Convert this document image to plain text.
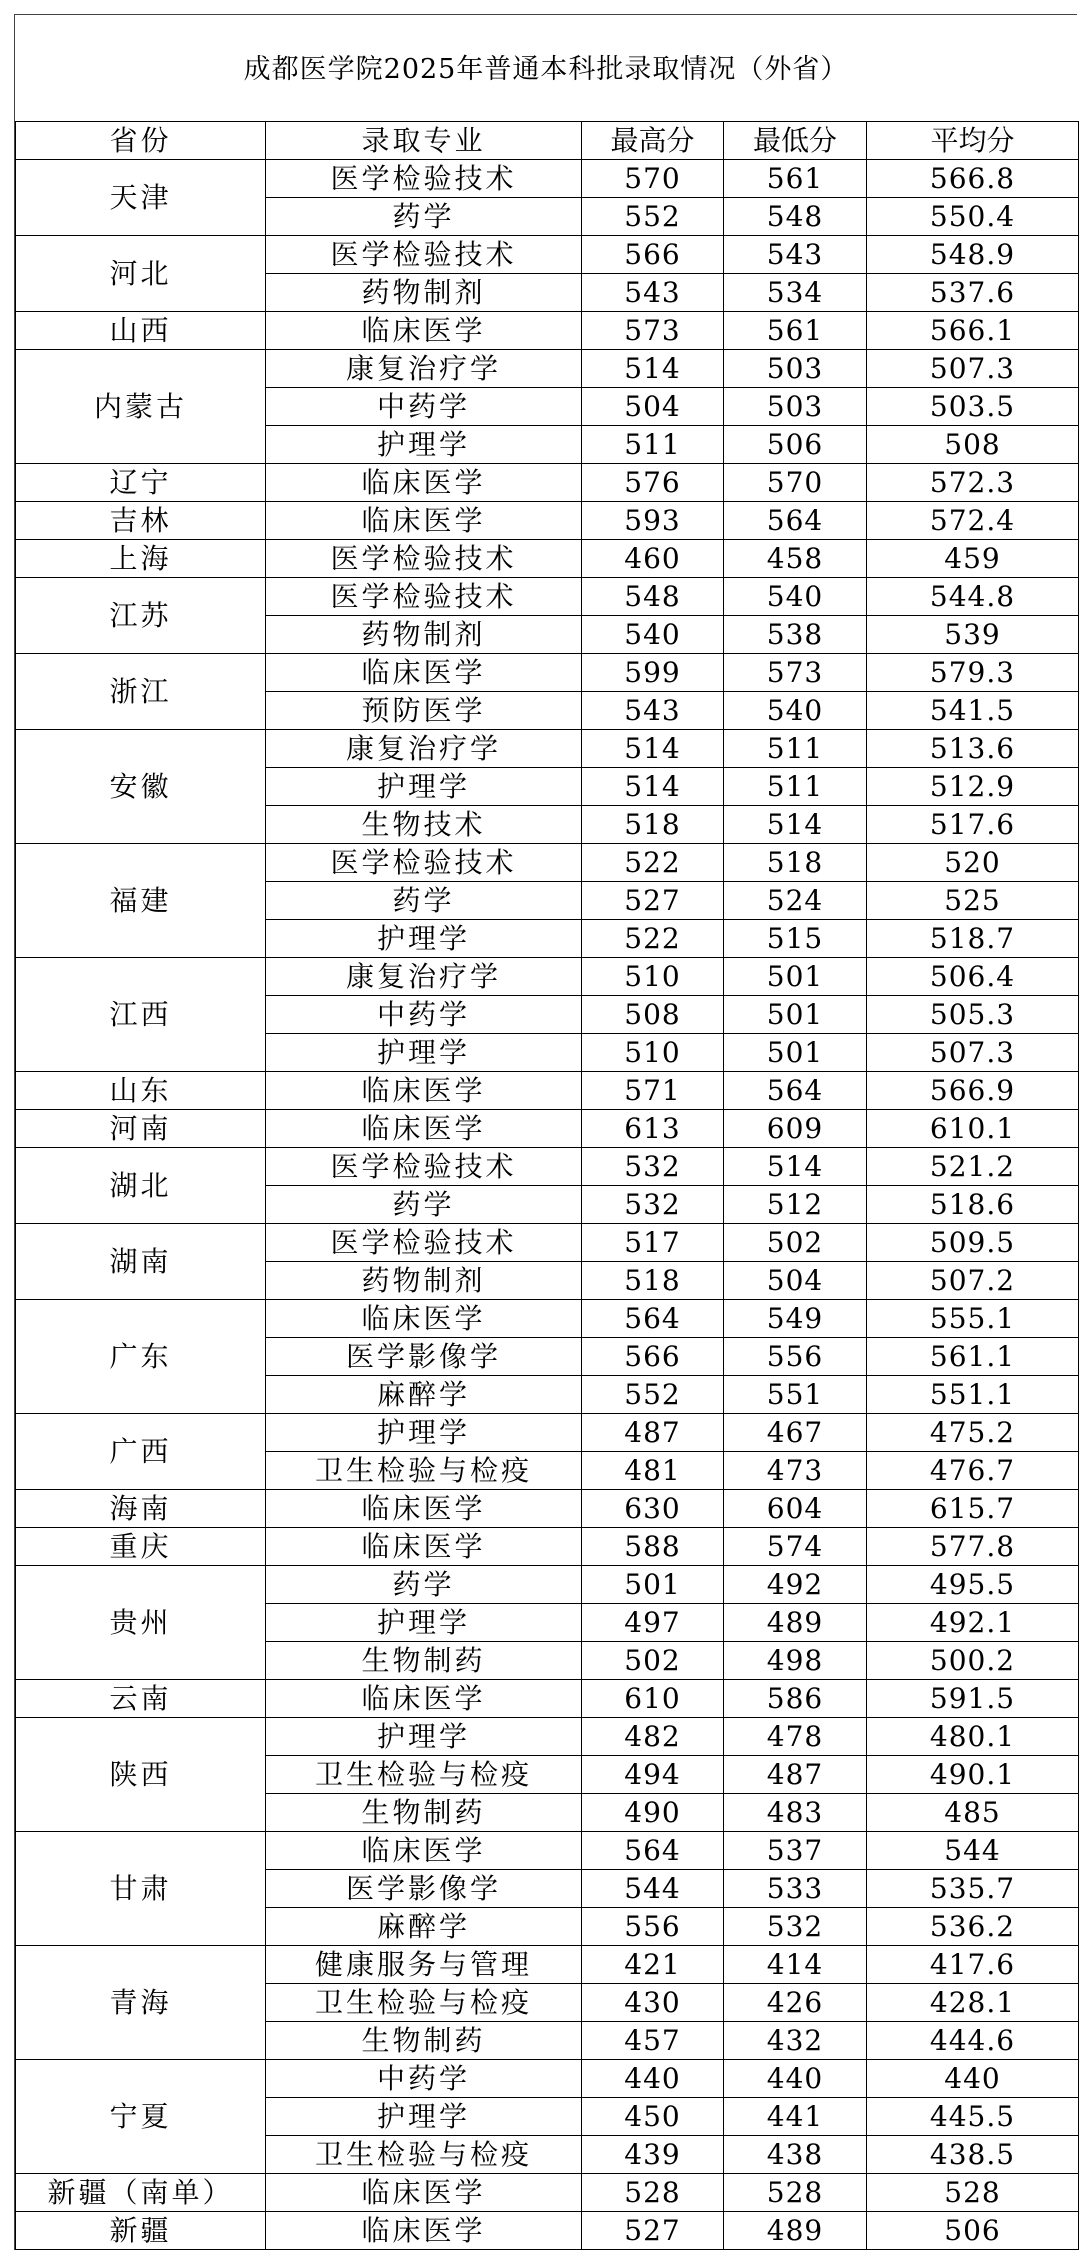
成都医学院2025年普通本科批录取情况（外省）
省份	录取专业	最高分	最低分	平均分
天津	医学检验技术	570	561	566.8
	药学	552	548	550.4
河北	医学检验技术	566	543	548.9
	药物制剂	543	534	537.6
山西	临床医学	573	561	566.1
内蒙古	康复治疗学	514	503	507.3
	中药学	504	503	503.5
	护理学	511	506	508
辽宁	临床医学	576	570	572.3
吉林	临床医学	593	564	572.4
上海	医学检验技术	460	458	459
江苏	医学检验技术	548	540	544.8
	药物制剂	540	538	539
浙江	临床医学	599	573	579.3
	预防医学	543	540	541.5
安徽	康复治疗学	514	511	513.6
	护理学	514	511	512.9
	生物技术	518	514	517.6
福建	医学检验技术	522	518	520
	药学	527	524	525
	护理学	522	515	518.7
江西	康复治疗学	510	501	506.4
	中药学	508	501	505.3
	护理学	510	501	507.3
山东	临床医学	571	564	566.9
河南	临床医学	613	609	610.1
湖北	医学检验技术	532	514	521.2
	药学	532	512	518.6
湖南	医学检验技术	517	502	509.5
	药物制剂	518	504	507.2
广东	临床医学	564	549	555.1
	医学影像学	566	556	561.1
	麻醉学	552	551	551.1
广西	护理学	487	467	475.2
	卫生检验与检疫	481	473	476.7
海南	临床医学	630	604	615.7
重庆	临床医学	588	574	577.8
贵州	药学	501	492	495.5
	护理学	497	489	492.1
	生物制药	502	498	500.2
云南	临床医学	610	586	591.5
陕西	护理学	482	478	480.1
	卫生检验与检疫	494	487	490.1
	生物制药	490	483	485
甘肃	临床医学	564	537	544
	医学影像学	544	533	535.7
	麻醉学	556	532	536.2
青海	健康服务与管理	421	414	417.6
	卫生检验与检疫	430	426	428.1
	生物制药	457	432	444.6
宁夏	中药学	440	440	440
	护理学	450	441	445.5
	卫生检验与检疫	439	438	438.5
新疆（南单）	临床医学	528	528	528
新疆	临床医学	527	489	506
